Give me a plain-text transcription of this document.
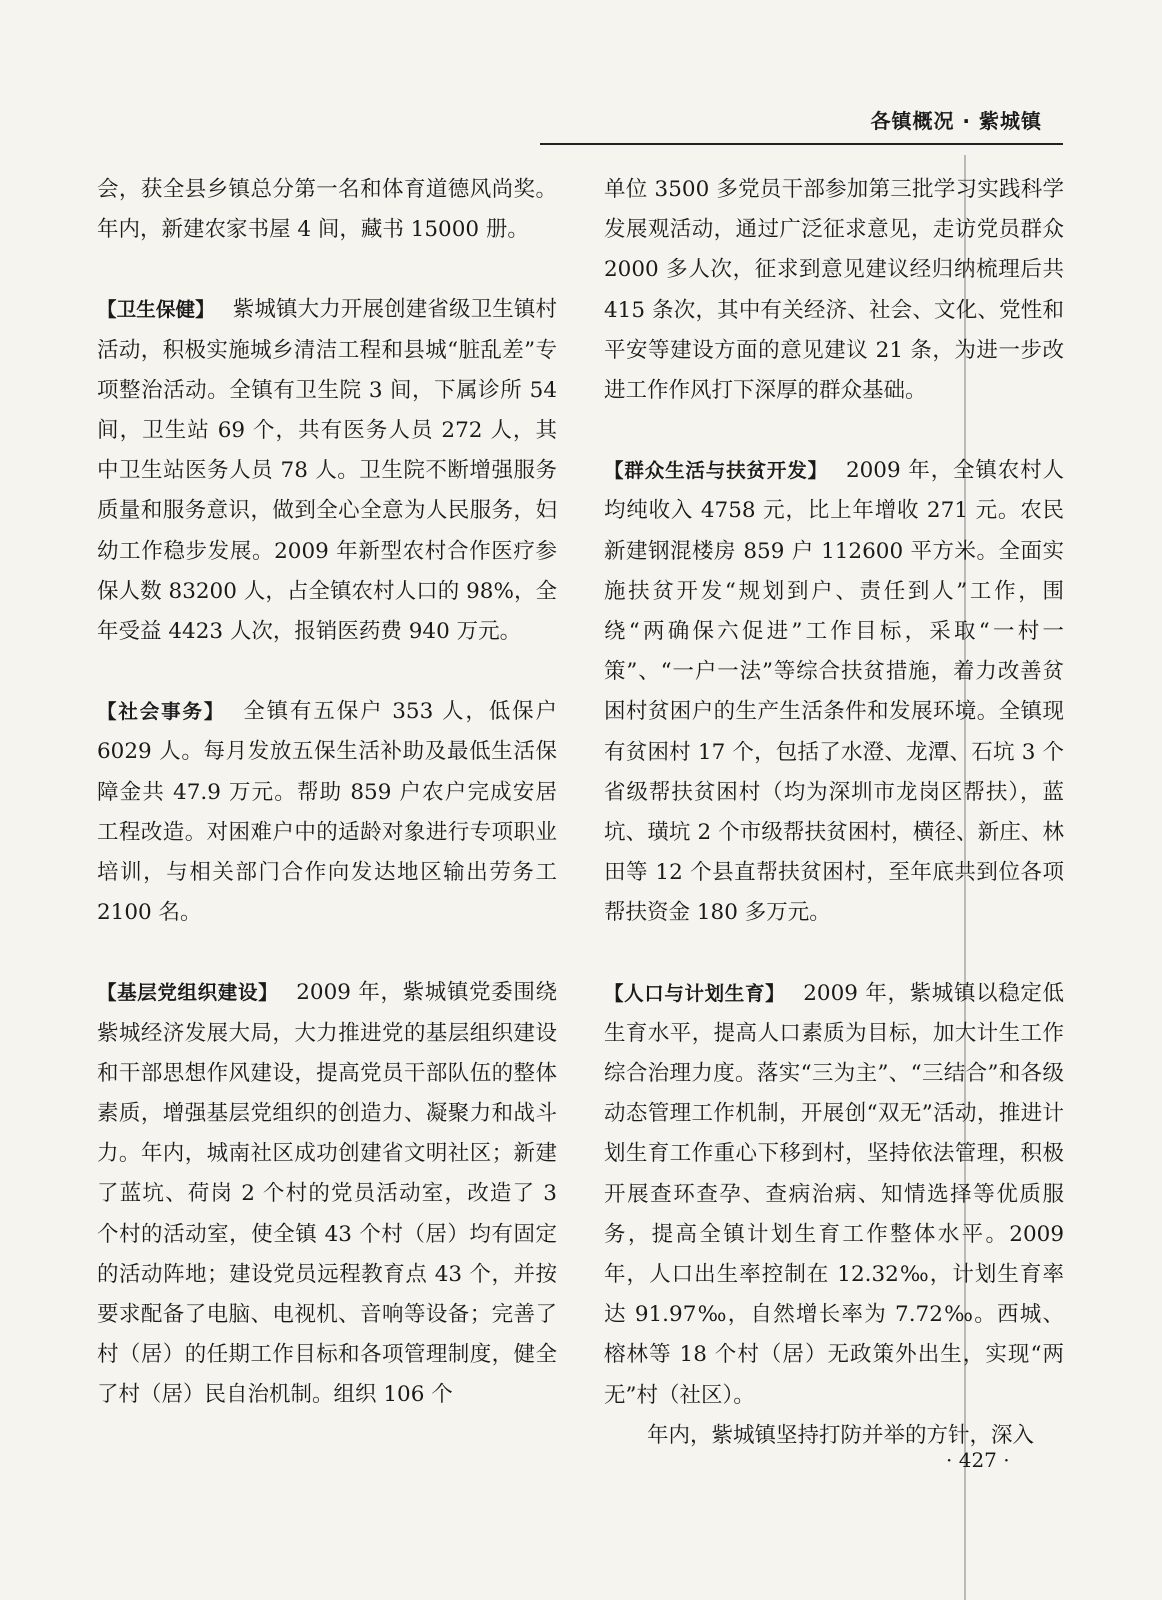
各镇概况 · 紫城镇

会，获全县乡镇总分第一名和体育道德风尚奖。年内，新建农家书屋 4 间，藏书 15000 册。

【卫生保健】 紫城镇大力开展创建省级卫生镇村活动，积极实施城乡清洁工程和县城“脏乱差”专项整治活动。全镇有卫生院 3 间，下属诊所 54 间，卫生站 69 个，共有医务人员 272 人，其中卫生站医务人员 78 人。卫生院不断增强服务质量和服务意识，做到全心全意为人民服务，妇幼工作稳步发展。2009 年新型农村合作医疗参保人数 83200 人，占全镇农村人口的 98%，全年受益 4423 人次，报销医药费 940 万元。

【社会事务】 全镇有五保户 353 人，低保户 6029 人。每月发放五保生活补助及最低生活保障金共 47.9 万元。帮助 859 户农户完成安居工程改造。对困难户中的适龄对象进行专项职业培训，与相关部门合作向发达地区输出劳务工 2100 名。

【基层党组织建设】 2009 年，紫城镇党委围绕紫城经济发展大局，大力推进党的基层组织建设和干部思想作风建设，提高党员干部队伍的整体素质，增强基层党组织的创造力、凝聚力和战斗力。年内，城南社区成功创建省文明社区；新建了蓝坑、荷岗 2 个村的党员活动室，改造了 3 个村的活动室，使全镇 43 个村（居）均有固定的活动阵地；建设党员远程教育点 43 个，并按要求配备了电脑、电视机、音响等设备；完善了村（居）的任期工作目标和各项管理制度，健全了村（居）民自治机制。组织 106 个

单位 3500 多党员干部参加第三批学习实践科学发展观活动，通过广泛征求意见，走访党员群众 2000 多人次，征求到意见建议经归纳梳理后共 415 条次，其中有关经济、社会、文化、党性和平安等建设方面的意见建议 21 条，为进一步改进工作作风打下深厚的群众基础。

【群众生活与扶贫开发】 2009 年，全镇农村人均纯收入 4758 元，比上年增收 271 元。农民新建钢混楼房 859 户 112600 平方米。全面实施扶贫开发“规划到户、责任到人”工作，围绕“两确保六促进”工作目标，采取“一村一策”、“一户一法”等综合扶贫措施，着力改善贫困村贫困户的生产生活条件和发展环境。全镇现有贫困村 17 个，包括了水澄、龙潭、石坑 3 个省级帮扶贫困村（均为深圳市龙岗区帮扶），蓝坑、璜坑 2 个市级帮扶贫困村，横径、新庄、林田等 12 个县直帮扶贫困村，至年底共到位各项帮扶资金 180 多万元。

【人口与计划生育】 2009 年，紫城镇以稳定低生育水平，提高人口素质为目标，加大计生工作综合治理力度。落实“三为主”、“三结合”和各级动态管理工作机制，开展创“双无”活动，推进计划生育工作重心下移到村，坚持依法管理，积极开展查环查孕、查病治病、知情选择等优质服务，提高全镇计划生育工作整体水平。2009 年，人口出生率控制在 12.32‰，计划生育率达 91.97‰，自然增长率为 7.72‰。西城、榕林等 18 个村（居）无政策外出生，实现“两无”村（社区）。

年内，紫城镇坚持打防并举的方针，深入

· 427 ·
